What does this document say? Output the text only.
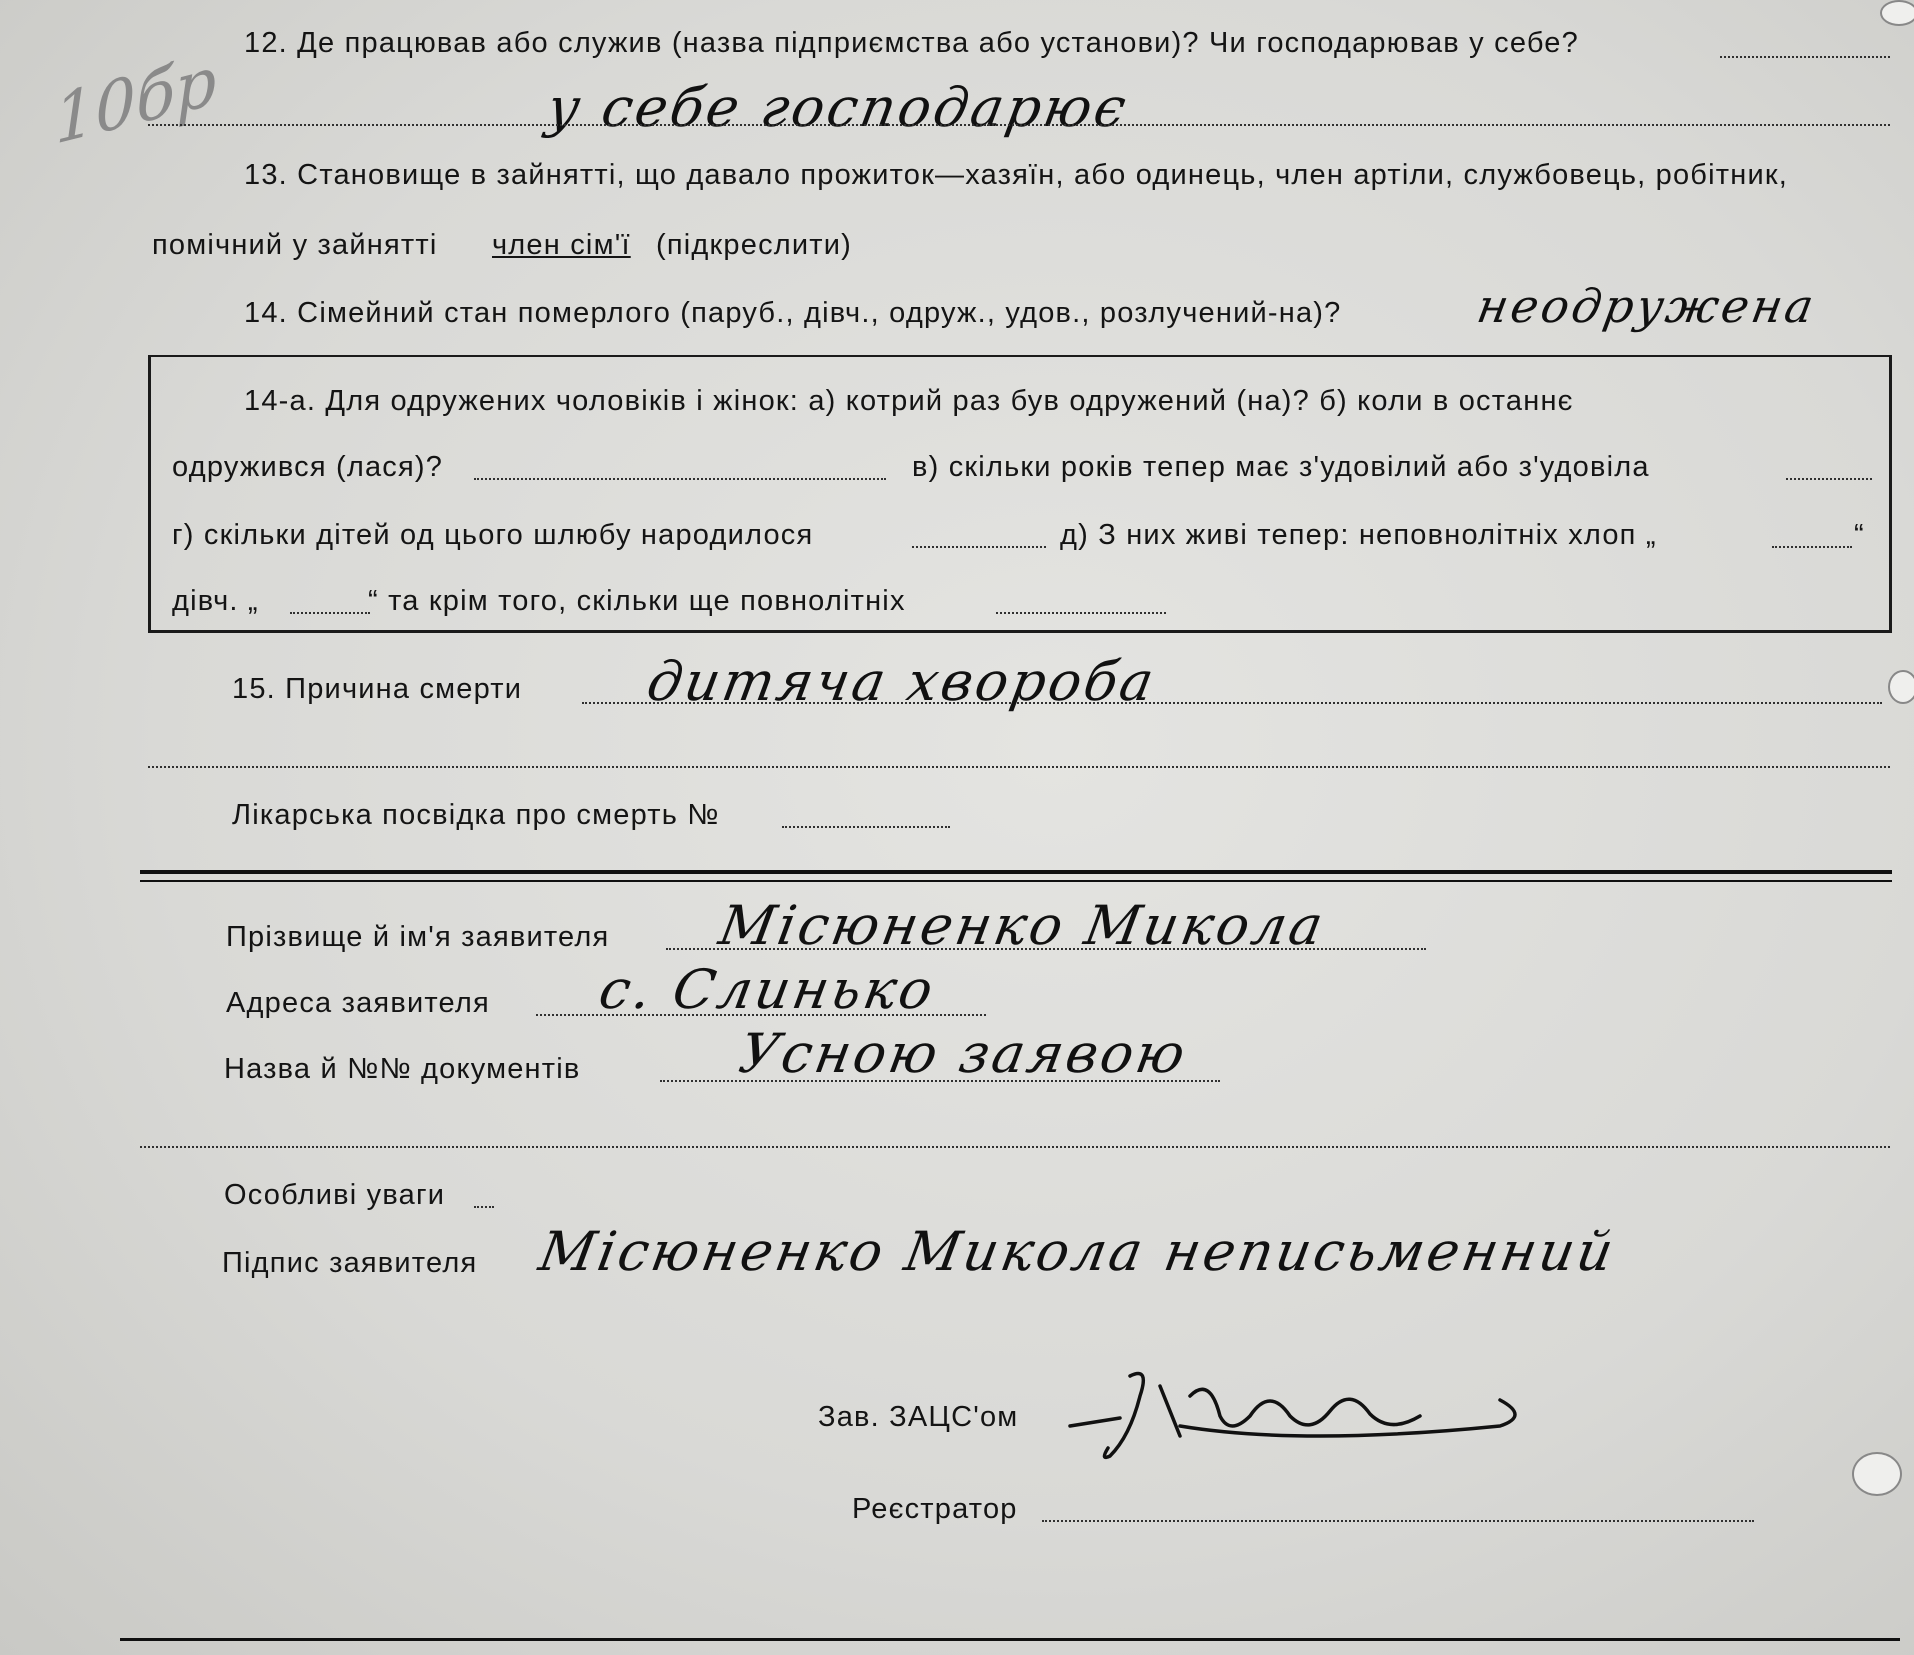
10бр 12. Де працював або служив (назва підприємства або установи)? Чи господарював у себе?
у себе господарює
13. Становище в зайнятті, що давало прожиток—хазяїн, або одинець, член артіли, службовець, робітник,
помічний у зайнятті член сім'ї (підкреслити)
14. Сімейний стан померлого (паруб., дівч., одруж., удов., розлучений-на)?	неодружена
14-а. Для одружених чоловіків і жінок: а) котрий раз був одружений (на)? б) коли в останнє
одружився (лася)?	в) скільки років тепер має з'удовілий або з'удовіла
г) скільки дітей од цього шлюбу народилося	д) З них живі тепер: неповнолітніх хлоп „	“
дівч. „	“ та крім того, скільки ще повнолітніх
15. Причина смерти дитяча хвороба
Лікарська посвідка про смерть №
Прізвище й ім'я заявителя Місюненко Микола
Адреса заявителя с. Слинько
Назва й №№ документів	Усною заявою
Особливі уваги
Підпис заявителя Місюненко Микола неписьменний
Зав. ЗАЦС'ом
Реєстратор
